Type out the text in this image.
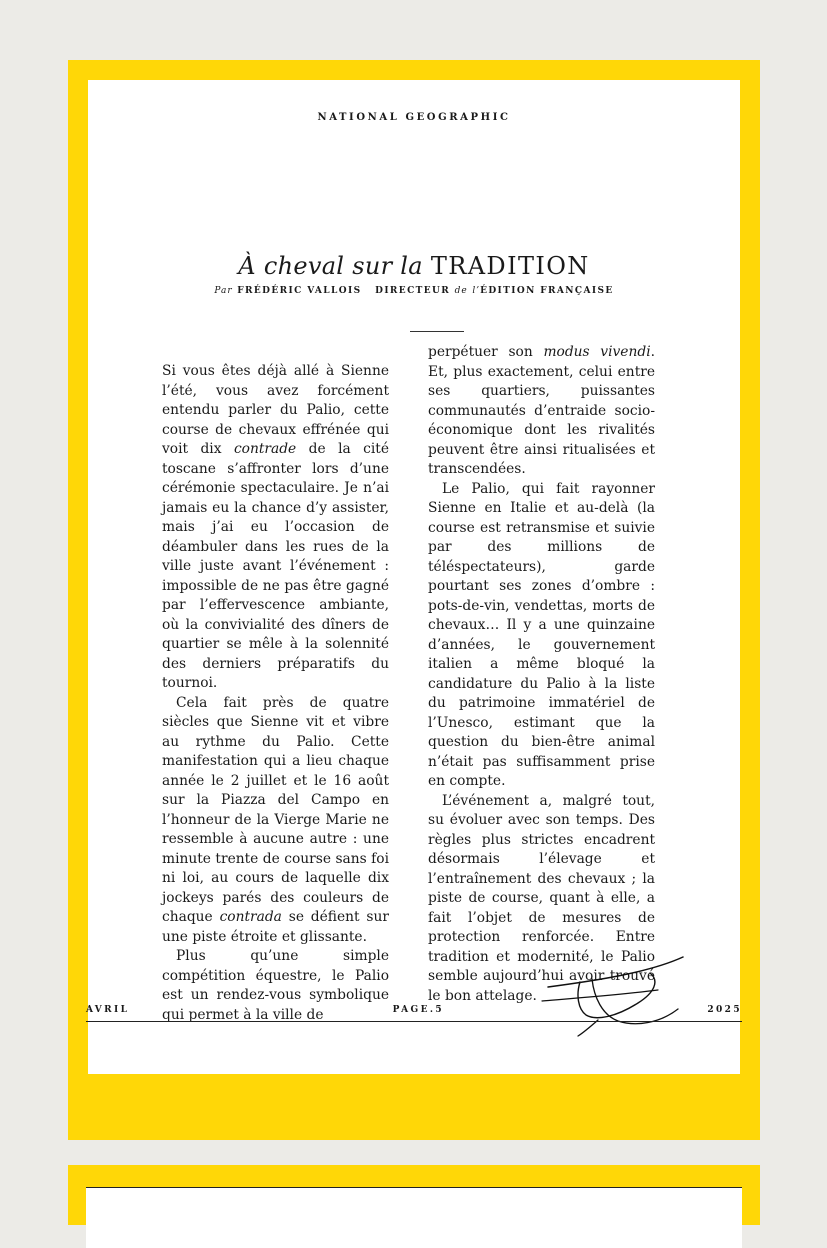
NATIONAL GEOGRAPHIC
À cheval sur la TRADITION
Par FRÉDÉRIC VALLOIS DIRECTEUR de l’ÉDITION FRANÇAISE

Si vous êtes déjà allé à Sienne l’été, vous avez forcément entendu parler du Palio, cette course de chevaux effrénée qui voit dix contrade de la cité toscane s’affronter lors d’une cérémonie spectaculaire. Je n’ai jamais eu la chance d’y assister, mais j’ai eu l’occasion de déambuler dans les rues de la ville juste avant l’événement : impossible de ne pas être gagné par l’effervescence ambiante, où la convivialité des dîners de quartier se mêle à la solennité des derniers préparatifs du tournoi.

Cela fait près de quatre siècles que Sienne vit et vibre au rythme du Palio. Cette manifestation qui a lieu chaque année le 2 juillet et le 16 août sur la Piazza del Campo en l’honneur de la Vierge Marie ne ressemble à aucune autre : une minute trente de course sans foi ni loi, au cours de laquelle dix jockeys parés des couleurs de chaque contrada se défient sur une piste étroite et glissante.

Plus qu’une simple compétition équestre, le Palio est un rendez-vous symbolique qui permet à la ville de

perpétuer son modus vivendi. Et, plus exactement, celui entre ses quartiers, puissantes communautés d’entraide socio-économique dont les rivalités peuvent être ainsi ritualisées et transcendées.

Le Palio, qui fait rayonner Sienne en Italie et au-delà (la course est retransmise et suivie par des millions de téléspectateurs), garde pourtant ses zones d’ombre : pots-de-vin, vendettas, morts de chevaux… Il y a une quinzaine d’années, le gouvernement italien a même bloqué la candidature du Palio à la liste du patrimoine immatériel de l’Unesco, estimant que la question du bien-être animal n’était pas suffisamment prise en compte.

L’événement a, malgré tout, su évoluer avec son temps. Des règles plus strictes encadrent désormais l’élevage et l’entraînement des chevaux ; la piste de course, quant à elle, a fait l’objet de mesures de protection renforcée. Entre tradition et modernité, le Palio semble aujourd’hui avoir trouvé le bon attelage.

AVRIL	PAGE.5	2025
